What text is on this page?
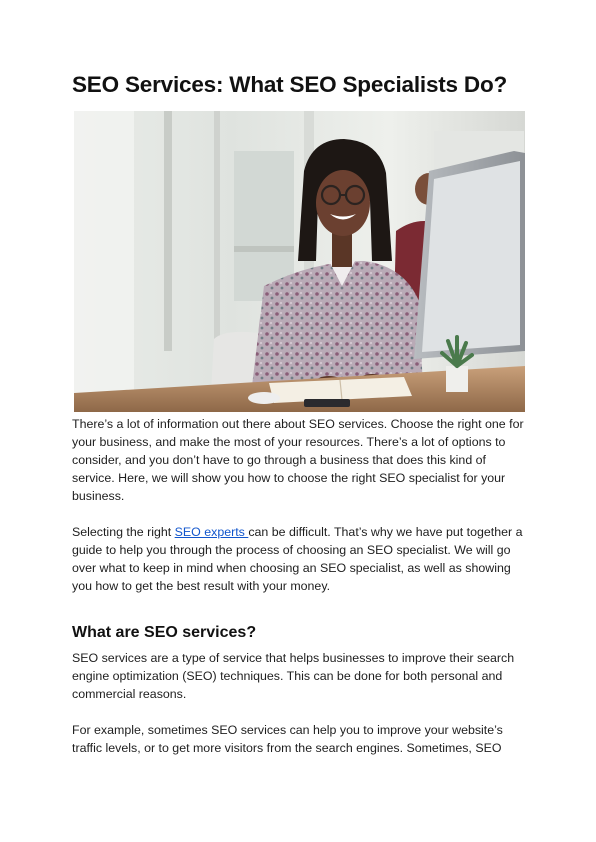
SEO Services: What SEO Specialists Do?

There’s a lot of information out there about SEO services. Choose the right one for your business, and make the most of your resources. There’s a lot of options to consider, and you don’t have to go through a business that does this kind of service. Here, we will show you how to choose the right SEO specialist for your business.

Selecting the right SEO experts can be difficult. That’s why we have put together a guide to help you through the process of choosing an SEO specialist. We will go over what to keep in mind when choosing an SEO specialist, as well as showing you how to get the best result with your money.

What are SEO services?

SEO services are a type of service that helps businesses to improve their search engine optimization (SEO) techniques. This can be done for both personal and commercial reasons.

For example, sometimes SEO services can help you to improve your website’s traffic levels, or to get more visitors from the search engines. Sometimes, SEO
